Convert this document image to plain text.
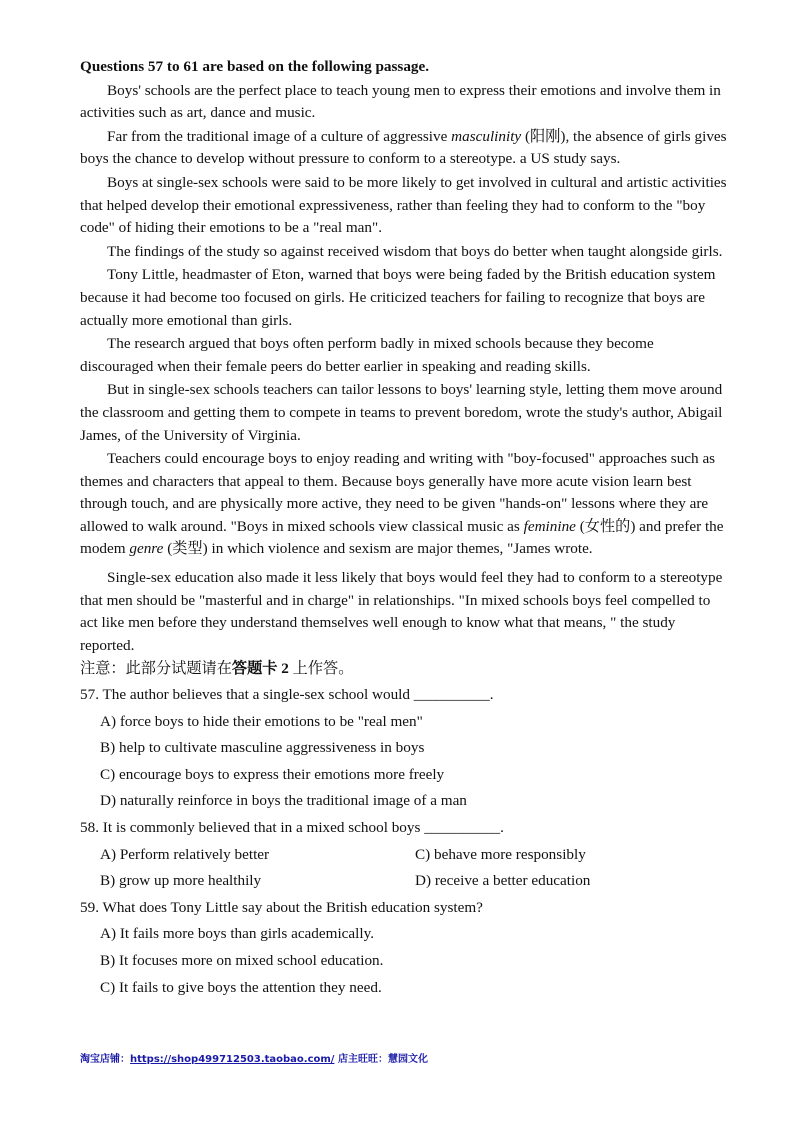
Questions 57 to 61 are based on the following passage.
Boys' schools are the perfect place to teach young men to express their emotions and involve them in activities such as art, dance and music.
Far from the traditional image of a culture of aggressive masculinity (阳刚), the absence of girls gives boys the chance to develop without pressure to conform to a stereotype. a US study says.
Boys at single-sex schools were said to be more likely to get involved in cultural and artistic activities that helped develop their emotional expressiveness, rather than feeling they had to conform to the "boy code" of hiding their emotions to be a "real man".
The findings of the study so against received wisdom that boys do better when taught alongside girls.
Tony Little, headmaster of Eton, warned that boys were being faded by the British education system because it had become too focused on girls. He criticized teachers for failing to recognize that boys are actually more emotional than girls.
The research argued that boys often perform badly in mixed schools because they become discouraged when their female peers do better earlier in speaking and reading skills.
But in single-sex schools teachers can tailor lessons to boys' learning style, letting them move around the classroom and getting them to compete in teams to prevent boredom, wrote the study's author, Abigail James, of the University of Virginia.
Teachers could encourage boys to enjoy reading and writing with "boy-focused" approaches such as themes and characters that appeal to them. Because boys generally have more acute vision learn best through touch, and are physically more active, they need to be given "hands-on" lessons where they are allowed to walk around. "Boys in mixed schools view classical music as feminine (女性的) and prefer the modem genre (类型) in which violence and sexism are major themes, "James wrote.
Single-sex education also made it less likely that boys would feel they had to conform to a stereotype that men should be "masterful and in charge" in relationships. "In mixed schools boys feel compelled to act like men before they understand themselves well enough to know what that means, " the study reported.
注意：此部分试题请在答题卡 2 上作答。
57. The author believes that a single-sex school would __________.
A) force boys to hide their emotions to be "real men"
B) help to cultivate masculine aggressiveness in boys
C) encourage boys to express their emotions more freely
D) naturally reinforce in boys the traditional image of a man
58. It is commonly believed that in a mixed school boys __________.
A) Perform relatively better	C) behave more responsibly
B) grow up more healthily	D) receive a better education
59. What does Tony Little say about the British education system?
A) It fails more boys than girls academically.
B) It focuses more on mixed school education.
C) It fails to give boys the attention they need.
淘宝店铺：https://shop499712503.taobao.com/ 店主旺旺：慧园文化
